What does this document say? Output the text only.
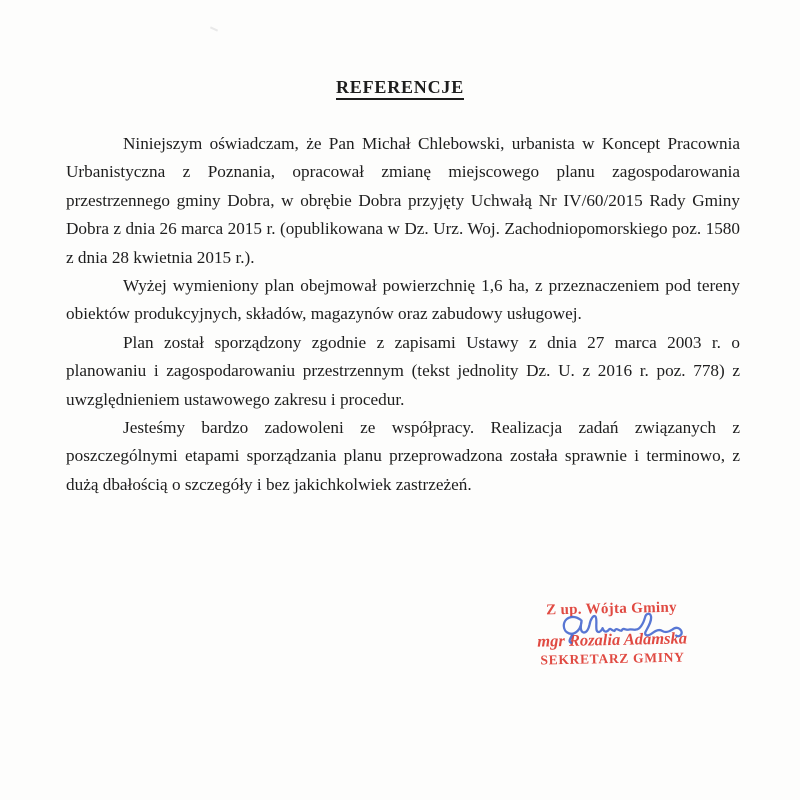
REFERENCJE

Niniejszym oświadczam, że Pan Michał Chlebowski, urbanista w Koncept Pracownia Urbanistyczna z Poznania, opracował zmianę miejscowego planu zagospodarowania przestrzennego gminy Dobra, w obrębie Dobra przyjęty Uchwałą Nr IV/60/2015 Rady Gminy Dobra z dnia 26 marca 2015 r. (opublikowana w Dz. Urz. Woj. Zachodniopomorskiego poz. 1580 z dnia 28 kwietnia 2015 r.).

Wyżej wymieniony plan obejmował powierzchnię 1,6 ha, z przeznaczeniem pod tereny obiektów produkcyjnych, składów, magazynów oraz zabudowy usługowej.

Plan został sporządzony zgodnie z zapisami Ustawy z dnia 27 marca 2003 r. o planowaniu i zagospodarowaniu przestrzennym (tekst jednolity Dz. U. z 2016 r. poz. 778) z uwzględnieniem ustawowego zakresu i procedur.

Jesteśmy bardzo zadowoleni ze współpracy. Realizacja zadań związanych z poszczególnymi etapami sporządzania planu przeprowadzona została sprawnie i terminowo, z dużą dbałością o szczegóły i bez jakichkolwiek zastrzeżeń.

Z up. Wójta Gminy
mgr Rozalia Adamska
SEKRETARZ GMINY
